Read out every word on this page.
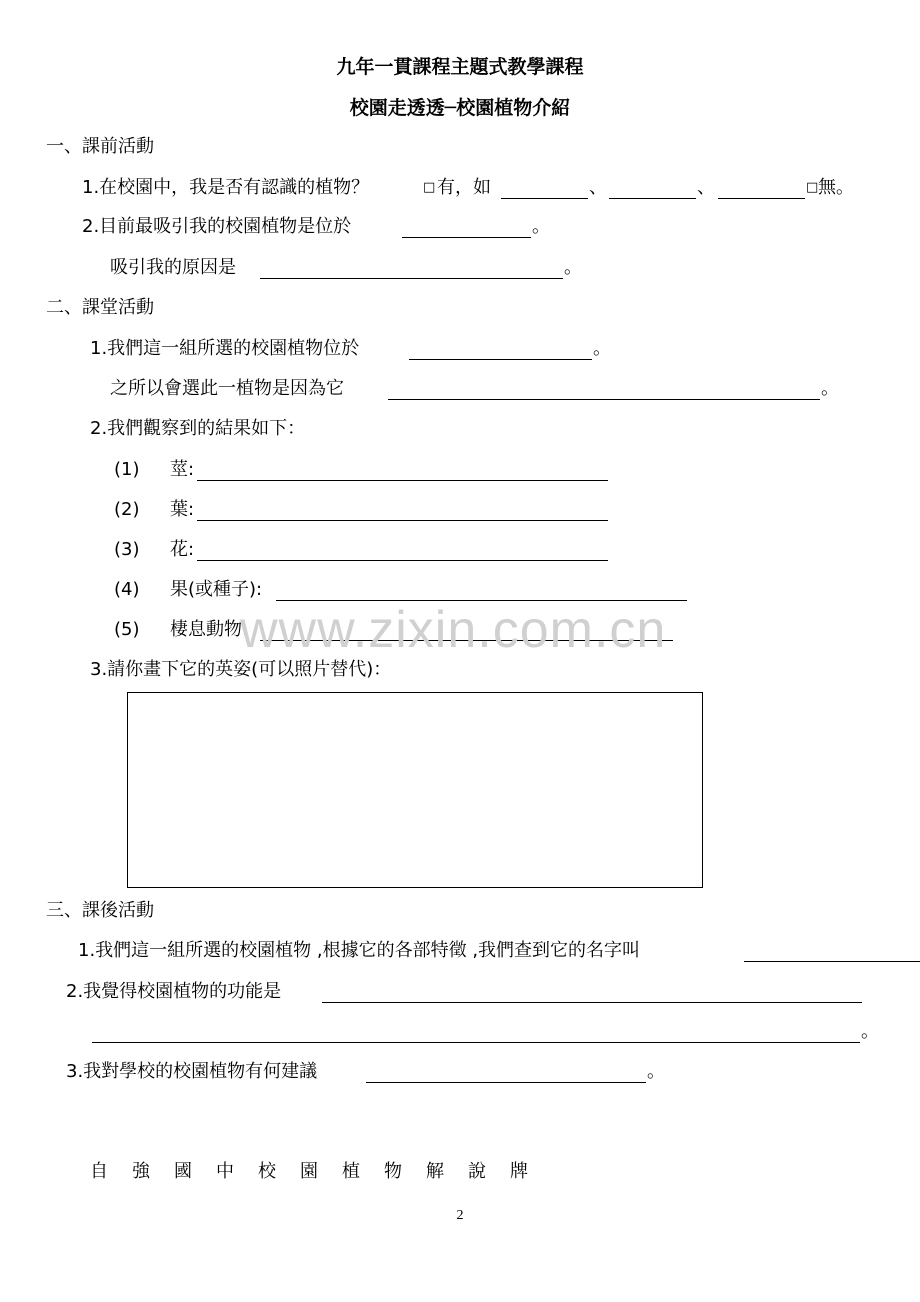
九年一貫課程主題式教學課程
校園走透透─校園植物介紹
一、課前活動
1.在校園中，我是否有認識的植物？	□ 有，如	、	、	□ 無。
2.目前最吸引我的校園植物是位於	。
吸引我的原因是	。
二、課堂活動
1.我們這一組所選的校園植物位於	。
之所以會選此一植物是因為它	。
2.我們觀察到的結果如下：
(1) 莖:
(2) 葉:
(3) 花:
(4) 果(或種子):
(5) 棲息動物:
www.zixin.com.cn
3.請你畫下它的英姿(可以照片替代)：
三、課後活動
1.我們這一組所選的校園植物 ,根據它的各部特徵 ,我們查到它的名字叫
2.我覺得校園植物的功能是
。
3.我對學校的校園植物有何建議	。
自強國中校園植物解說牌
2
